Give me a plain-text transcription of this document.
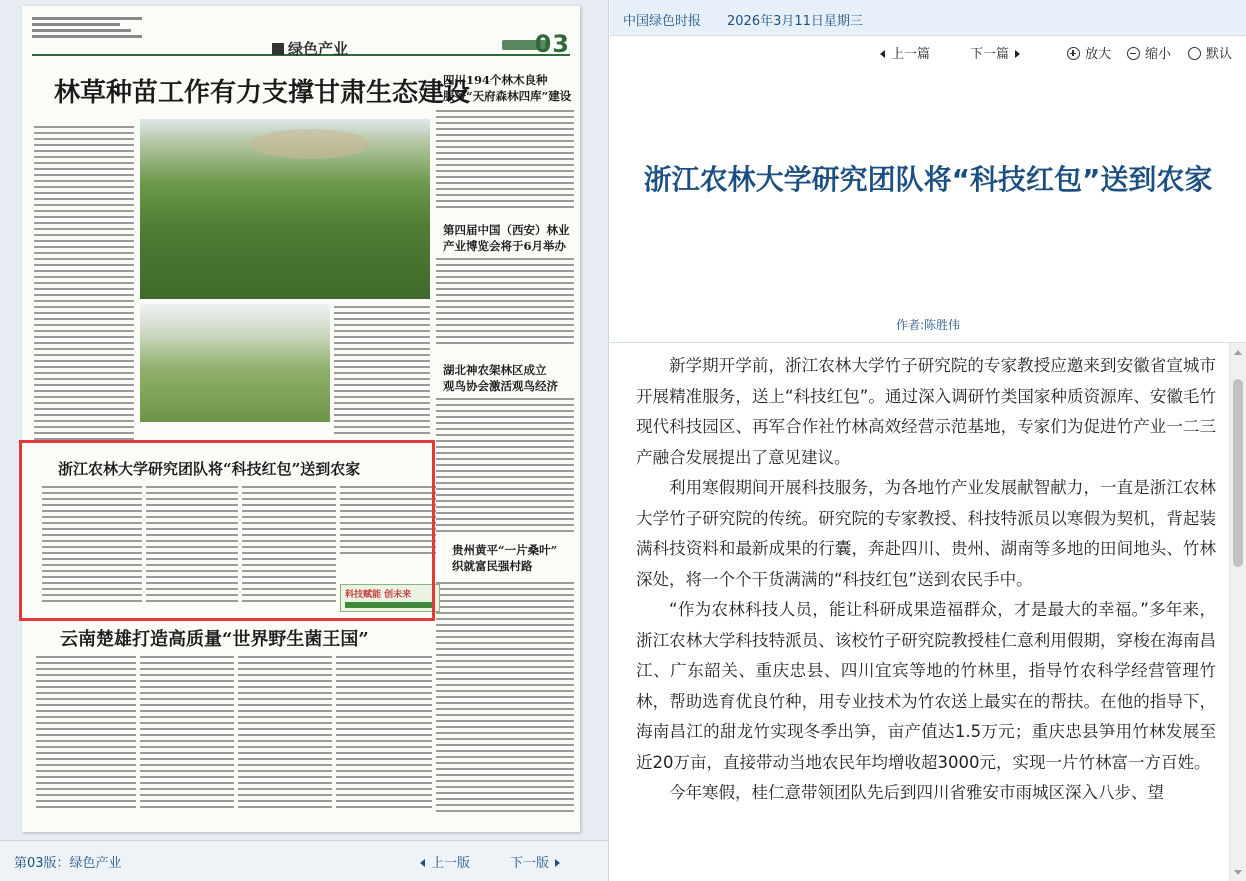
绿色产业	03
林草种苗工作有力支撑甘肃生态建设
四川194个林木良种
服务“天府森林四库”建设
第四届中国（西安）林业
产业博览会将于6月举办
湖北神农架林区成立
观鸟协会激活观鸟经济
浙江农林大学研究团队将“科技红包”送到农家
贵州黄平“一片桑叶”
织就富民强村路
云南楚雄打造高质量“世界野生菌王国”
科技赋能 创未来
第03版：绿色产业	上一版	下一版
中国绿色时报 2026年3月11日星期三
上一篇	下一篇	放大	缩小	默认
浙江农林大学研究团队将“科技红包”送到农家
作者:陈胜伟

新学期开学前，浙江农林大学竹子研究院的专家教授应邀来到安徽省宣城市开展精准服务，送上“科技红包”。通过深入调研竹类国家种质资源库、安徽毛竹现代科技园区、再军合作社竹林高效经营示范基地，专家们为促进竹产业一二三产融合发展提出了意见建议。

利用寒假期间开展科技服务，为各地竹产业发展献智献力，一直是浙江农林大学竹子研究院的传统。研究院的专家教授、科技特派员以寒假为契机，背起装满科技资料和最新成果的行囊，奔赴四川、贵州、湖南等多地的田间地头、竹林深处，将一个个干货满满的“科技红包”送到农民手中。

“作为农林科技人员，能让科研成果造福群众，才是最大的幸福。”多年来，浙江农林大学科技特派员、该校竹子研究院教授桂仁意利用假期，穿梭在海南昌江、广东韶关、重庆忠县、四川宜宾等地的竹林里，指导竹农科学经营管理竹林，帮助选育优良竹种，用专业技术为竹农送上最实在的帮扶。在他的指导下，海南昌江的甜龙竹实现冬季出笋，亩产值达1.5万元；重庆忠县笋用竹林发展至近20万亩，直接带动当地农民年均增收超3000元，实现一片竹林富一方百姓。

今年寒假，桂仁意带领团队先后到四川省雅安市雨城区深入八步、望
